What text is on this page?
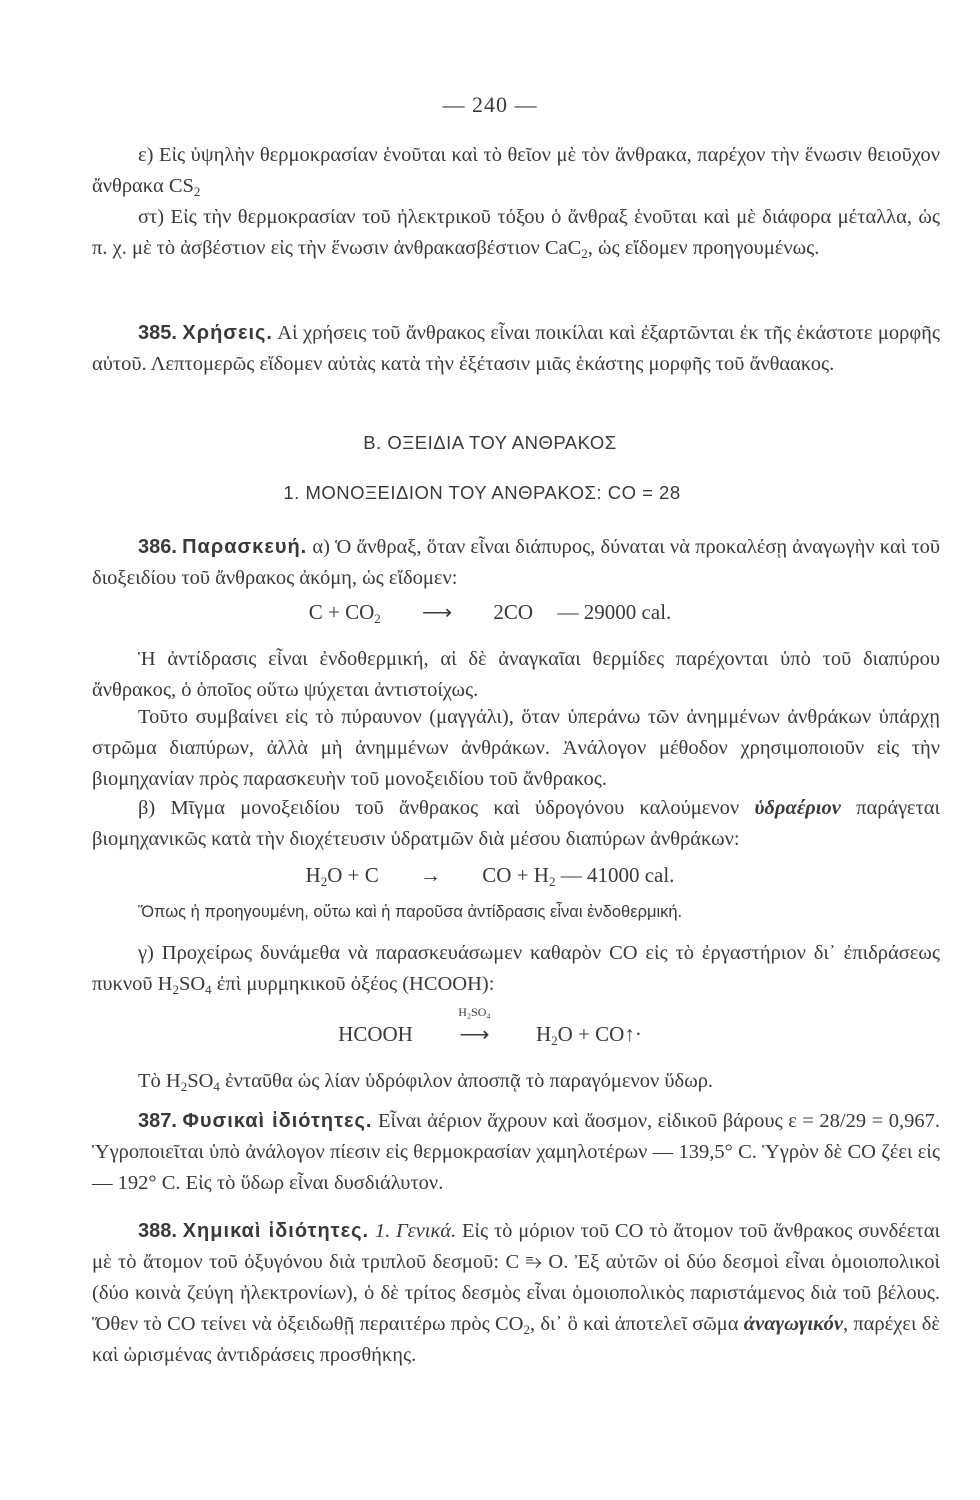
— 240 —
ε) Εἰς ὑψηλὴν θερμοκρασίαν ἑνοῦται καὶ τὸ θεῖον μὲ τὸν ἄνθρακα, παρέχον τὴν ἕνωσιν θειοῦχον ἄνθρακα $CS_2$
στ) Εἰς τὴν θερμοκρασίαν τοῦ ἠλεκτρικοῦ τόξου ὁ ἄνθραξ ἑνοῦται καὶ μὲ διάφορα μέταλλα, ὡς π. χ. μὲ τὸ ἀσβέστιον εἰς τὴν ἕνωσιν ἀνθρακασβέστιον CaC$_2$, ὡς εἴδομεν προηγουμένως.
385. Χρήσεις. Αἱ χρήσεις τοῦ ἄνθρακος εἶναι ποικίλαι καὶ ἐξαρτῶνται ἐκ τῆς ἑκάστοτε μορφῆς αὐτοῦ. Λεπτομερῶς εἴδομεν αὐτὰς κατὰ τὴν ἐξέτασιν μιᾶς ἑκάστης μορφῆς τοῦ ἄνθαακος.
Β. ΟΞΕΙΔΙΑ ΤΟΥ ΑΝΘΡΑΚΟΣ
1. ΜΟΝΟΞΕΙΔΙΟΝ ΤΟΥ ΑΝΘΡΑΚΟΣ: CO = 28
386. Παρασκευή. α) Ὁ ἄνθραξ, ὅταν εἶναι διάπυρος, δύναται νὰ προκαλέσῃ ἀναγωγὴν καὶ τοῦ διοξειδίου τοῦ ἄνθρακος ἀκόμη, ὡς εἴδομεν:
$C + CO_2$ ⟶ 2CO — 29000 cal.
Ἡ ἀντίδρασις εἶναι ἐνδοθερμική, αἱ δὲ ἀναγκαῖαι θερμίδες παρέχονται ὑπὸ τοῦ διαπύρου ἄνθρακος, ὁ ὁποῖος οὕτω ψύχεται ἀντιστοίχως.
Τοῦτο συμβαίνει εἰς τὸ πύραυνον (μαγγάλι), ὅταν ὑπεράνω τῶν ἀνημμένων ἀνθράκων ὑπάρχῃ στρῶμα διαπύρων, ἀλλὰ μὴ ἀνημμένων ἀνθράκων. Ἀνάλογον μέθοδον χρησιμοποιοῦν εἰς τὴν βιομηχανίαν πρὸς παρασκευὴν τοῦ μονοξειδίου τοῦ ἄνθρακος.
β) Μῖγμα μονοξειδίου τοῦ ἄνθρακος καὶ ὑδρογόνου καλούμενον ὑδραέριον παράγεται βιομηχανικῶς κατὰ τὴν διοχέτευσιν ὑδρατμῶν διὰ μέσου διαπύρων ἀνθράκων:
$H_2O + C$ → CO + $H_2$ — 41000 cal.
Ὅπως ἡ προηγουμένη, οὕτω καὶ ἡ παροῦσα ἀντίδρασις εἶναι ἐνδοθερμική.
γ) Προχείρως δυνάμεθα νὰ παρασκευάσωμεν καθαρὸν CO εἰς τὸ ἐργαστήριον δι᾽ ἐπιδράσεως πυκνοῦ $H_2SO_4$ ἐπὶ μυρμηκικοῦ ὀξέος (HCOOH):
HCOOH
H₂SO₄
⟶ $H_2O$ + CO↑·
Τὸ $H_2SO_4$ ἐνταῦθα ὡς λίαν ὑδρόφιλον ἀποσπᾷ τὸ παραγόμενον ὕδωρ.
387. Φυσικαὶ ἰδιότητες. Εἶναι ἀέριον ἄχρουν καὶ ἄοσμον, εἰδικοῦ βάρους ε = 28/29 = 0,967. Ὑγροποιεῖται ὑπὸ ἀνάλογον πίεσιν εἰς θερμοκρασίαν χαμηλοτέρων — 139,5° C. Ὑγρὸν δὲ CO ζέει εἰς — 192° C. Εἰς τὸ ὕδωρ εἶναι δυσδιάλυτον.
388. Χημικαὶ ἰδιότητες. 1. Γενικά. Εἰς τὸ μόριον τοῦ CO τὸ ἄτομον τοῦ ἄνθρακος συνδέεται μὲ τὸ ἄτομον τοῦ ὀξυγόνου διὰ τριπλοῦ δεσμοῦ: C ⥱ O. Ἐξ αὐτῶν οἱ δύο δεσμοὶ εἶναι ὁμοιοπολικοὶ (δύο κοινὰ ζεύγη ἠλεκτρονίων), ὁ δὲ τρίτος δεσμὸς εἶναι ὁμοιοπολικὸς παριστάμενος διὰ τοῦ βέλους. Ὅθεν τὸ CO τείνει νὰ ὀξειδωθῇ περαιτέρω πρὸς $CO_2$, δι᾽ ὃ καὶ ἀποτελεῖ σῶμα ἀναγωγικόν, παρέχει δὲ καὶ ὡρισμένας ἀντιδράσεις προσθήκης.
